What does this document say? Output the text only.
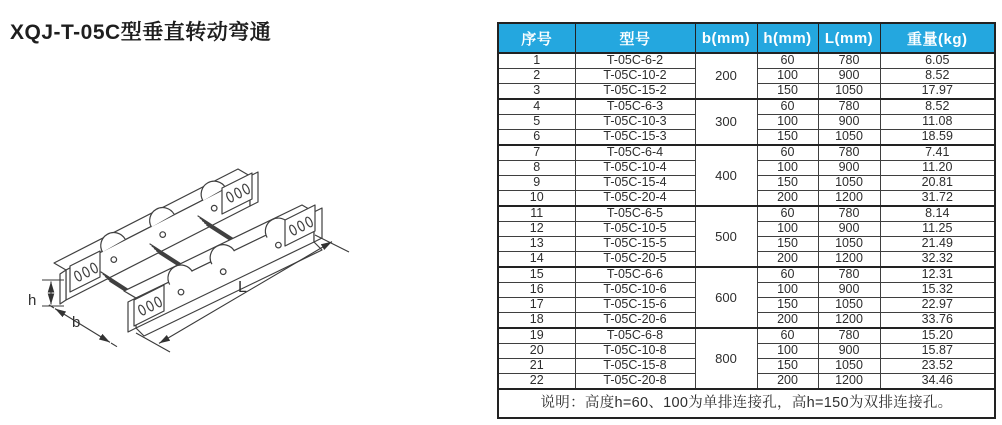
XQJ-T-05C型垂直转动弯通
h
b
L
序号	型号	b(mm)	h(mm)	L(mm)	重量(kg)
1	T-05C-6-2	200	60	780	6.05
2	T-05C-10-2		100	900	8.52
3	T-05C-15-2		150	1050	17.97
4	T-05C-6-3	300	60	780	8.52
5	T-05C-10-3		100	900	11.08
6	T-05C-15-3		150	1050	18.59
7	T-05C-6-4	400	60	780	7.41
8	T-05C-10-4		100	900	11.20
9	T-05C-15-4		150	1050	20.81
10	T-05C-20-4		200	1200	31.72
11	T-05C-6-5	500	60	780	8.14
12	T-05C-10-5		100	900	11.25
13	T-05C-15-5		150	1050	21.49
14	T-05C-20-5		200	1200	32.32
15	T-05C-6-6	600	60	780	12.31
16	T-05C-10-6		100	900	15.32
17	T-05C-15-6		150	1050	22.97
18	T-05C-20-6		200	1200	33.76
19	T-05C-6-8	800	60	780	15.20
20	T-05C-10-8		100	900	15.87
21	T-05C-15-8		150	1050	23.52
22	T-05C-20-8		200	1200	34.46
说明：高度h=60、100为单排连接孔，高h=150为双排连接孔。					
